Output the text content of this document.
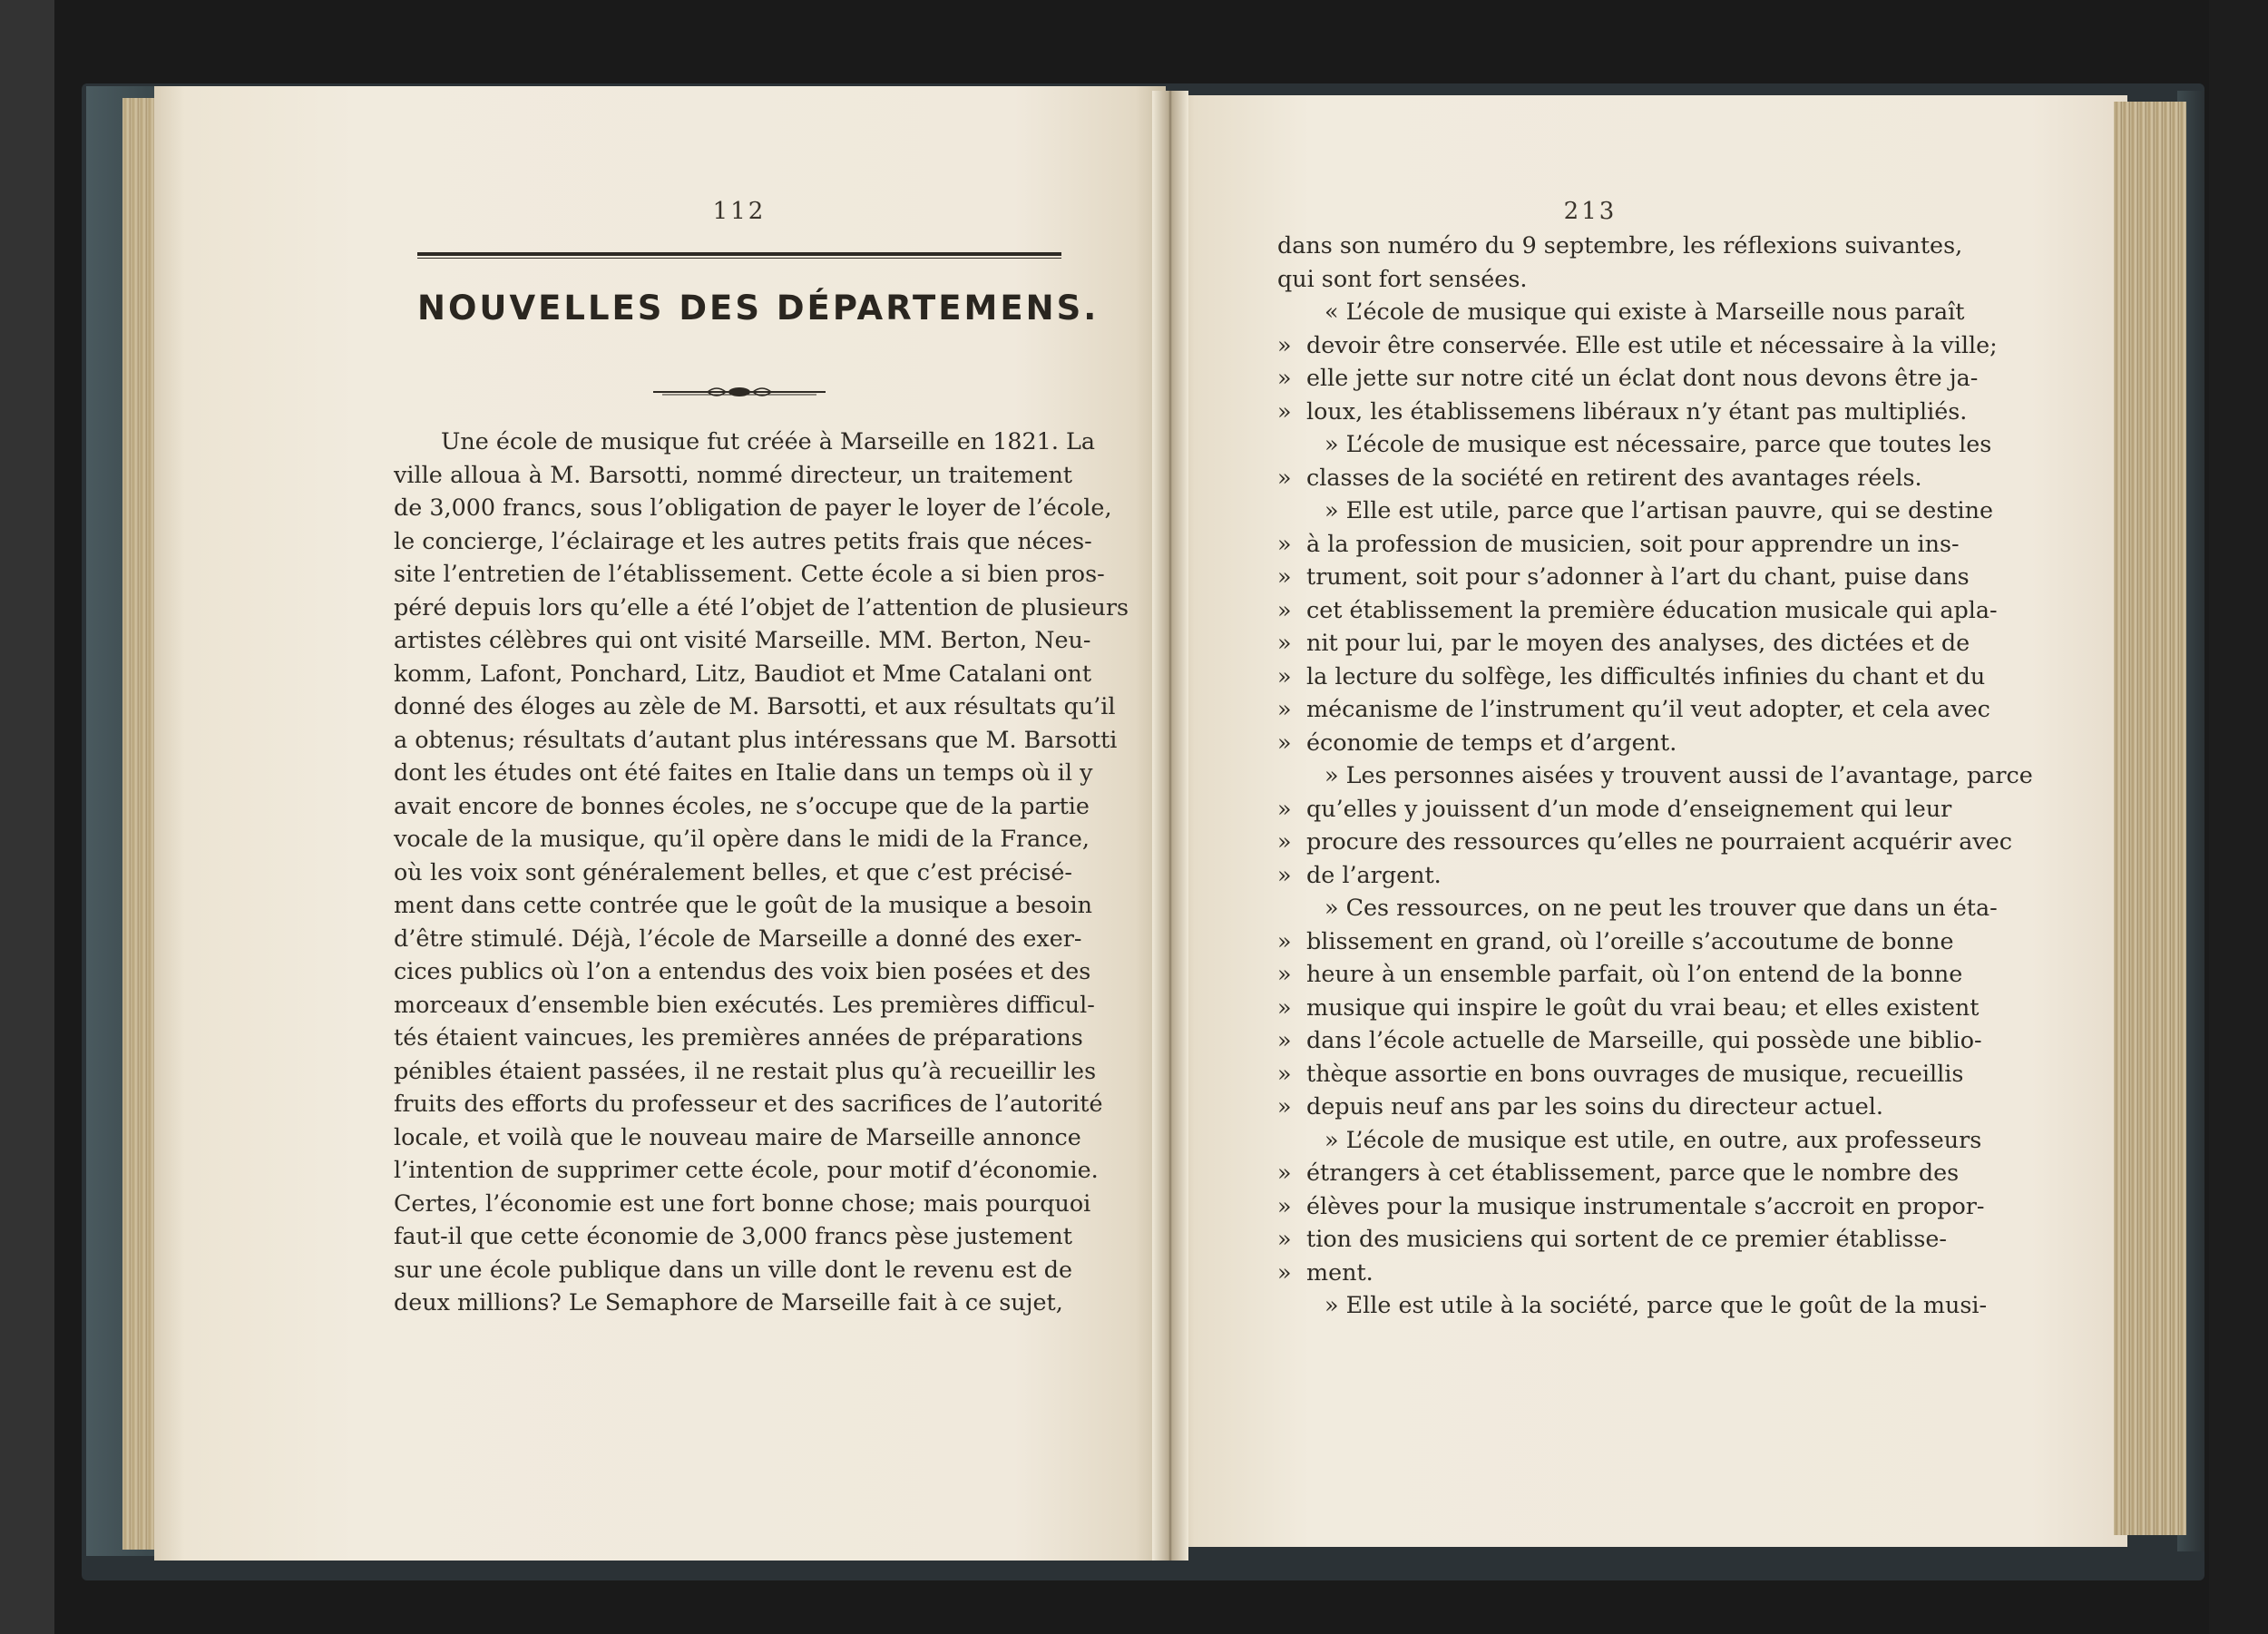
112
NOUVELLES DES DÉPARTEMENS.
Une école de musique fut créée à Marseille en 1821. La
ville alloua à M. Barsotti, nommé directeur, un traitement
de 3,000 francs, sous l’obligation de payer le loyer de l’école,
le concierge, l’éclairage et les autres petits frais que néces-
site l’entretien de l’établissement. Cette école a si bien pros-
péré depuis lors qu’elle a été l’objet de l’attention de plusieurs
artistes célèbres qui ont visité Marseille. MM. Berton, Neu-
komm, Lafont, Ponchard, Litz, Baudiot et Mme Catalani ont
donné des éloges au zèle de M. Barsotti, et aux résultats qu’il
a obtenus; résultats d’autant plus intéressans que M. Barsotti
dont les études ont été faites en Italie dans un temps où il y
avait encore de bonnes écoles, ne s’occupe que de la partie
vocale de la musique, qu’il opère dans le midi de la France,
où les voix sont généralement belles, et que c’est précisé-
ment dans cette contrée que le goût de la musique a besoin
d’être stimulé. Déjà, l’école de Marseille a donné des exer-
cices publics où l’on a entendus des voix bien posées et des
morceaux d’ensemble bien exécutés. Les premières difficul-
tés étaient vaincues, les premières années de préparations
pénibles étaient passées, il ne restait plus qu’à recueillir les
fruits des efforts du professeur et des sacrifices de l’autorité
locale, et voilà que le nouveau maire de Marseille annonce
l’intention de supprimer cette école, pour motif d’économie.
Certes, l’économie est une fort bonne chose; mais pourquoi
faut-il que cette économie de 3,000 francs pèse justement
sur une école publique dans un ville dont le revenu est de
deux millions? Le Semaphore de Marseille fait à ce sujet,
213
dans son numéro du 9 septembre, les réflexions suivantes,
qui sont fort sensées.
« L’école de musique qui existe à Marseille nous paraît
» devoir être conservée. Elle est utile et nécessaire à la ville;
» elle jette sur notre cité un éclat dont nous devons être ja-
» loux, les établissemens libéraux n’y étant pas multipliés.
» L’école de musique est nécessaire, parce que toutes les
» classes de la société en retirent des avantages réels.
» Elle est utile, parce que l’artisan pauvre, qui se destine
» à la profession de musicien, soit pour apprendre un ins-
» trument, soit pour s’adonner à l’art du chant, puise dans
» cet établissement la première éducation musicale qui apla-
» nit pour lui, par le moyen des analyses, des dictées et de
» la lecture du solfège, les difficultés infinies du chant et du
» mécanisme de l’instrument qu’il veut adopter, et cela avec
» économie de temps et d’argent.
» Les personnes aisées y trouvent aussi de l’avantage, parce
» qu’elles y jouissent d’un mode d’enseignement qui leur
» procure des ressources qu’elles ne pourraient acquérir avec
» de l’argent.
» Ces ressources, on ne peut les trouver que dans un éta-
» blissement en grand, où l’oreille s’accoutume de bonne
» heure à un ensemble parfait, où l’on entend de la bonne
» musique qui inspire le goût du vrai beau; et elles existent
» dans l’école actuelle de Marseille, qui possède une biblio-
» thèque assortie en bons ouvrages de musique, recueillis
» depuis neuf ans par les soins du directeur actuel.
» L’école de musique est utile, en outre, aux professeurs
» étrangers à cet établissement, parce que le nombre des
» élèves pour la musique instrumentale s’accroit en propor-
» tion des musiciens qui sortent de ce premier établisse-
» ment.
» Elle est utile à la société, parce que le goût de la musi-
